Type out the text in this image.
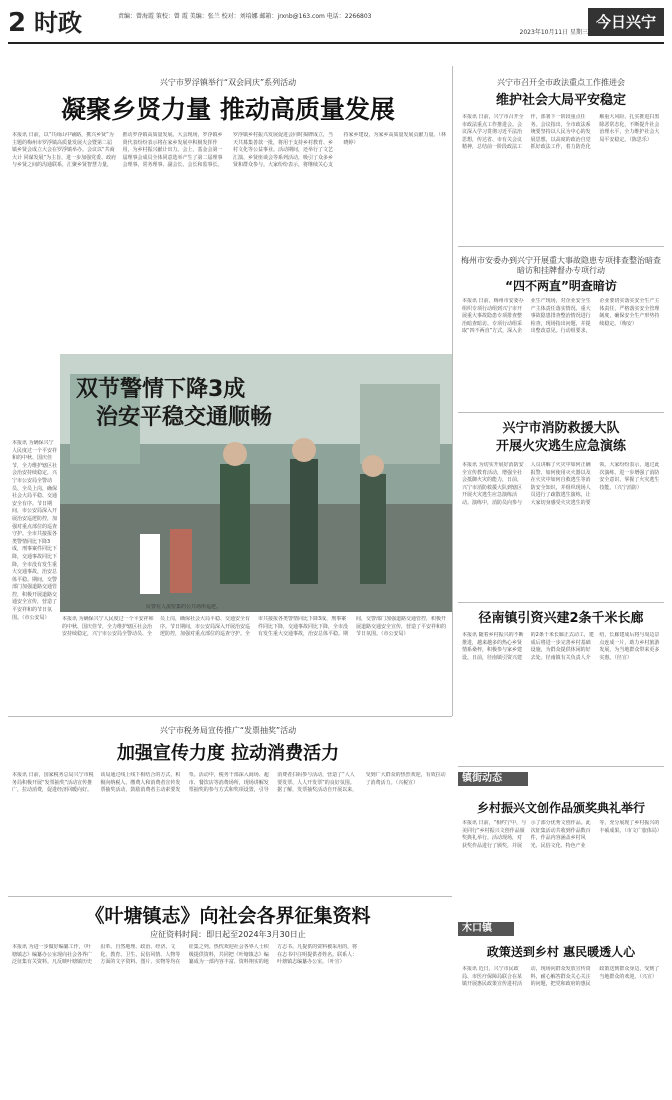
2 时政	责编：曾海霞 策校：曾 霞 美编：张兰 校对：刘培娜 邮箱：jrxnb@163.com 电话：2266803
2023年10月11日 星期三
今日兴宁
兴宁市罗浮镇举行“双会同庆”系列活动
凝聚乡贤力量 推动高质量发展
本报讯 日前，以“共商山中铺路，携兴乡贤”为主题的梅州市罗浮镇高质量发展大会暨第二届镇乡贤会成立大会在罗浮镇举办。会议以“共商大计 同谋发展”为主旨，进一步加强党委、政府与乡贤之间的沟通联系，汇聚乡贤智慧力量，推动罗浮镇高质量发展。大会现场，罗浮镇乡贤代表纷纷表示将在家乡发展中积极发挥作用，为乡村振兴献计出力。会上，基金会第一届理事会成员全体同意选举产生了第二届理事会理事、常务理事、副会长、会长和监事长。罗浮镇乡村振兴发展促进会同时揭牌成立，当天共募集善款一批，将用于支持乡村教育、乡村文化等公益事业。活动期间，还举行了文艺汇演、乡贤座谈会等系列活动，吸引了众多乡贤和群众参与。大家纷纷表示，将继续关心支持家乡建设，为家乡高质量发展贡献力量。（林晓婷）
双节警情下降3成
治安平稳交通顺畅
民警在人流密集的公共场所巡逻。
本报讯 为确保兴宁人民度过一个平安祥和的中秋、国庆佳节，全力维护辖区社会治安持续稳定，兴宁市公安局全警动员、全员上岗，确保社会大局平稳、交通安全有序。节日期间，市公安局深入开展治安巡逻防控，加强对重点部位的巡查守护。全市共接报各类警情同比下降3成，刑事案件同比下降，交通事故同比下降，全市没有发生重大交通事故，治安总体平稳。期间，交警部门加强道路交通管控，积极开展道路交通安全宣传，营造了平安祥和的节日氛围。（市公安局）	本报讯 为确保兴宁人民度过一个平安祥和的中秋、国庆佳节，全力维护辖区社会治安持续稳定，兴宁市公安局全警动员、全员上岗，确保社会大局平稳、交通安全有序。节日期间，市公安局深入开展治安巡逻防控，加强对重点部位的巡查守护。全市共接报各类警情同比下降3成，刑事案件同比下降，交通事故同比下降，全市没有发生重大交通事故，治安总体平稳。期间，交警部门加强道路交通管控，积极开展道路交通安全宣传，营造了平安祥和的节日氛围。（市公安局）
兴宁市召开全市政法重点工作推进会
维护社会大局平安稳定
本报讯 日前，兴宁市召开全市政法重点工作推进会。会议深入学习贯彻习近平法治思想，传达省、市有关会议精神，总结前一阶段政法工作，部署下一阶段重点任务。会议指出，全市政法系统要坚持以人民为中心的发展思想，以高度的政治自觉抓好政法工作，着力防范化解重大风险，扎实推进扫黑除恶常态化，不断提升社会治理水平，全力维护社会大局平安稳定。（陈思乐）
梅州市安委办到兴宁开展重大事故隐患专项排查整治暗查暗访和挂牌督办专项行动
“四不两直”明查暗访
本报讯 日前，梅州市安委办组织专项行动组到兴宁市开展重大事故隐患专项排查整治暗查暗访。专项行动组采取“四不两直”方式，深入企业生产现场，对企业安全生产主体责任落实情况、重大事故隐患排查整治情况进行检查，现场指出问题，并提出整改意见。行动组要求，企业要切实落实安全生产主体责任，严格落实安全管理制度，确保安全生产形势持续稳定。（梅安）
兴宁市消防救援大队
开展火灾逃生应急演练
本报讯 为切实开展好消防安全宣传教育活动，增强全社会抵御火灾的能力，日前，兴宁市消防救援大队到辖区开展火灾逃生应急演练活动。演练中，消防员向参与人员讲解了火灾中如何正确报警、如何使用灭火器以及在火灾中如何自救逃生等消防安全知识，并组织现场人员进行了疏散逃生演练，让大家切身感受火灾逃生的要领。大家纷纷表示，通过此次演练，进一步增强了消防安全意识，掌握了火灾逃生技能。（兴宁消防）
径南镇引资兴建2条千米长廊
本报讯 随着乡村振兴的不断推进，越来越多的热心乡贤情系桑梓，积极参与家乡建设。日前，径南镇引资兴建的2条千米长廊正式动工，建成后将进一步完善乡村基础设施，为群众提供休闲的好去处。径南镇有关负责人介绍，长廊建成后将与周边景点连成一片，助力乡村旅游发展，为当地群众带来更多实惠。（径宣）
兴宁市税务局宣传推广“发票抽奖”活动
加强宣传力度 拉动消费活力
本报讯 日前，国家税务总局兴宁市税务局积极开展“发票抽奖”活动宣传推广，拉动消费，促进经济回暖向好。该局通过线上线下相结合的方式，积极向纳税人、缴费人和消费者宣传发票抽奖活动，鼓励消费者主动索要发票。活动中，税务干部深入商场、超市、餐饮店等消费场所，现场讲解发票抽奖的参与方式和奖项设置，引导消费者扫码参与活动，营造了“人人要发票、人人开发票”的良好氛围。据了解，发票抽奖活动自开展以来，受到广大群众的热烈欢迎，有效拉动了消费活力。（兴税宣）
《叶塘镇志》向社会各界征集资料
应征资料时间：即日起至2024年3月30日止
本报讯 为进一步做好编纂工作，《叶塘镇志》编纂办公室现向社会各界广泛征集有关资料。凡反映叶塘镇历史沿革、自然地理、政治、经济、文化、教育、卫生、民俗风情、人物等方面的文字资料、图片、实物等均在征集之列。热忱欢迎社会各界人士积极提供资料，共同把《叶塘镇志》编纂成为一部内容丰富、资料翔实的地方志书。凡提供的资料被采用的，将在志书中注明提供者姓名。联系人：叶塘镇志编纂办公室。（叶宣）
镇街动态
乡村振兴文创作品颁奖典礼举行
本报讯 日前，“相约宁中，与美同行”乡村振兴文创作品颁奖典礼举行。活动现场，对获奖作品进行了颁奖，并展示了部分优秀文创作品。此次征集活动共收到作品数百件，作品内容涵盖乡村风光、民俗文化、特色产业等，充分展现了乡村振兴的丰硕成果。（市文广旅体局）
木口镇
政策送到乡村 惠民暖透人心
本报讯 近日，兴宁市民政局、市医疗保障局联合在某镇开展惠民政策宣传进村活动，现场向群众发放宣传资料，耐心解答群众关心关注的问题，把党和政府的惠民政策送到群众身边，受到了当地群众的欢迎。（兴宣）
